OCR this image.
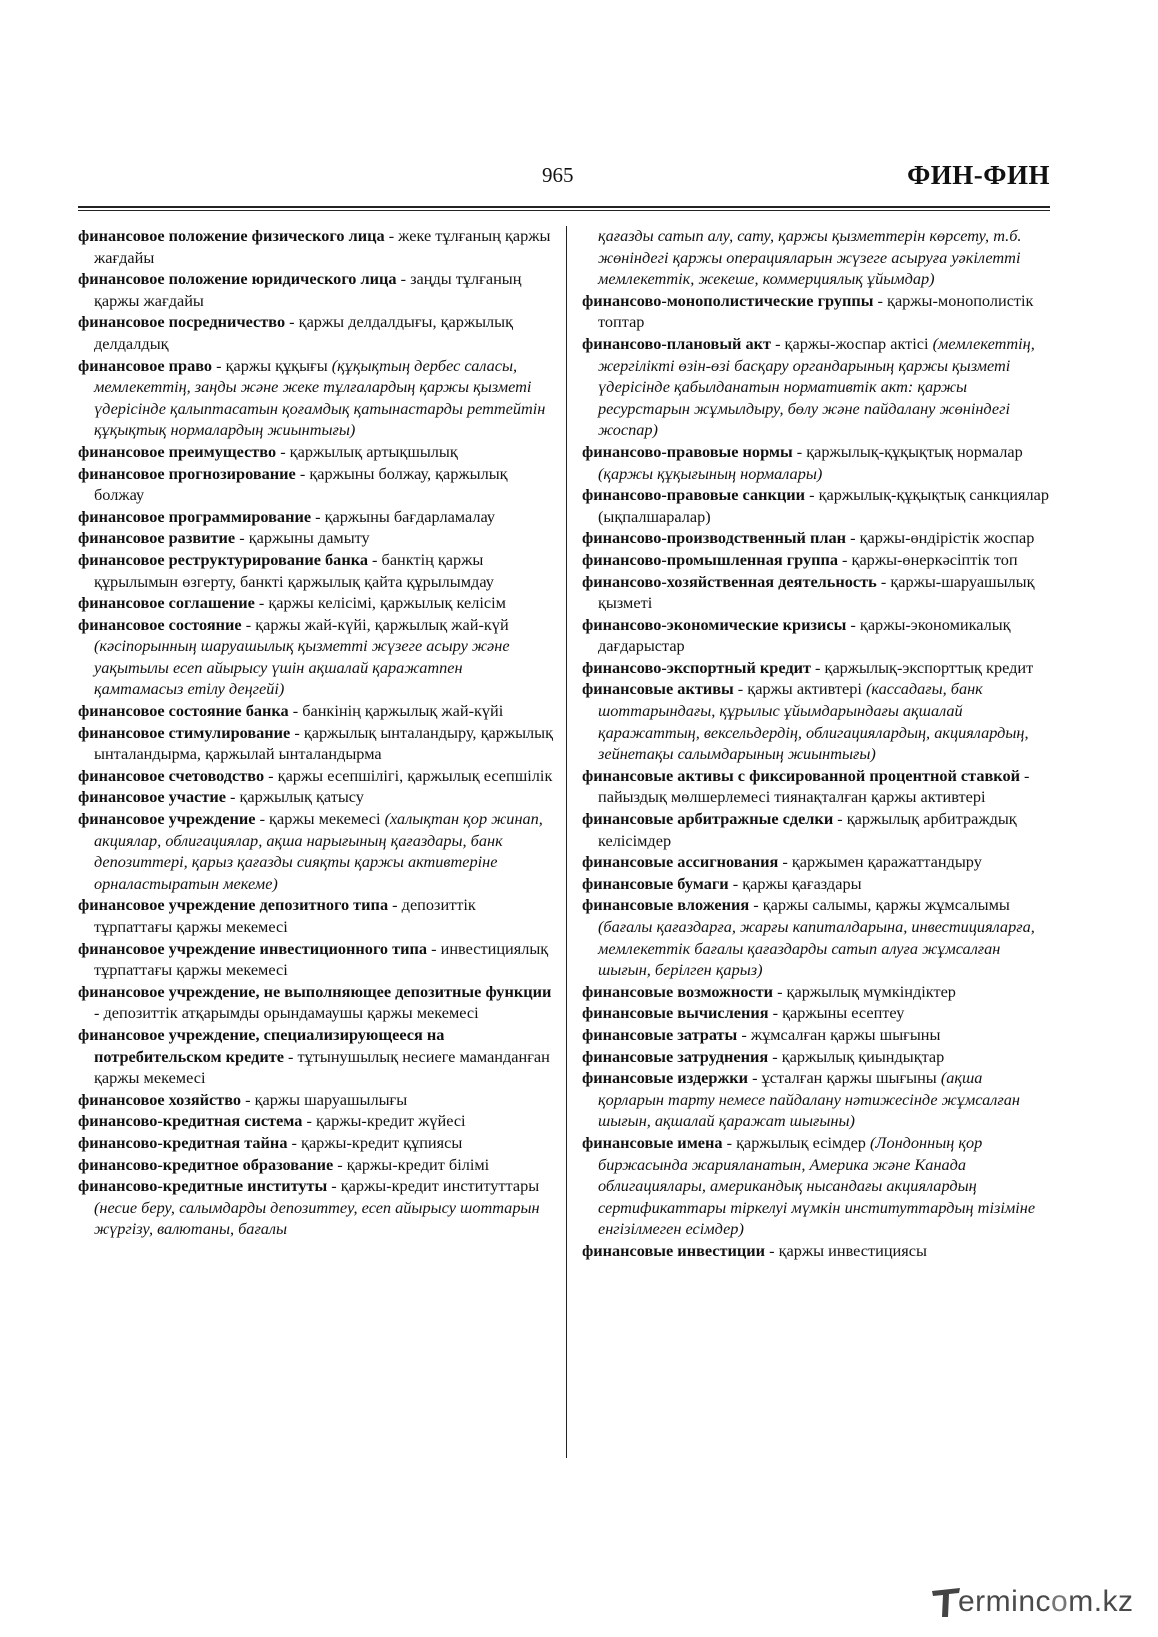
965	ФИН-ФИН

финансовое положение физического лица - жеке тұлғаның қаржы жағдайы

финансовое положение юридического лица - заңды тұлғаның қаржы жағдайы

финансовое посредничество - қаржы делдалдығы, қаржылық делдалдық

финансовое право - қаржы құқығы (құқықтың дербес саласы, мемлекеттің, заңды және жеке тұлғалардың қаржы қызметі үдерісінде қалыптасатын қоғамдық қатынастарды реттейтін құқықтық нормалардың жиынтығы)

финансовое преимущество - қаржылық артықшылық

финансовое прогнозирование - қаржыны болжау, қаржылық болжау

финансовое программирование - қаржыны бағдарламалау

финансовое развитие - қаржыны дамыту

финансовое реструктурирование банка - банктің қаржы құрылымын өзгерту, банкті қаржылық қайта құрылымдау

финансовое соглашение - қаржы келісімі, қаржылық келісім

финансовое состояние - қаржы жай-күйі, қаржылық жай-күй (кәсіпорынның шаруашылық қызметті жүзеге асыру және уақытылы есеп айырысу үшін ақшалай қаражатпен қамтамасыз етілу деңгейі)

финансовое состояние банка - банкінің қаржылық жай-күйі

финансовое стимулирование - қаржылық ынталандыру, қаржылық ынталандырма, қаржылай ынталандырма

финансовое счетоводство - қаржы есепшілігі, қаржылық есепшілік

финансовое участие - қаржылық қатысу

финансовое учреждение - қаржы мекемесі (халықтан қор жинап, акциялар, облигациялар, ақша нарығының қағаздары, банк депозиттері, қарыз қағазды сияқты қаржы активтеріне орналастыратын мекеме)

финансовое учреждение депозитного типа - депозиттік тұрпаттағы қаржы мекемесі

финансовое учреждение инвестиционного типа - инвестициялық тұрпаттағы қаржы мекемесі

финансовое учреждение, не выполняющее депозитные функции - депозиттік атқарымды орындамаушы қаржы мекемесі

финансовое учреждение, специализирующееся на потребительском кредите - тұтынушылық несиеге маманданған қаржы мекемесі

финансовое хозяйство - қаржы шаруашылығы

финансово-кредитная система - қаржы-кредит жүйесі

финансово-кредитная тайна - қаржы-кредит құпиясы

финансово-кредитное образование - қаржы-кредит білімі

финансово-кредитные институты - қаржы-кредит институттары (несие беру, салымдарды депозиттеу, есеп айырысу шоттарын жүргізу, валютаны, бағалы

қағазды сатып алу, сату, қаржы қызметтерін көрсету, т.б. жөніндегі қаржы операцияларын жүзеге асыруға уәкілетті мемлекеттік, жекеше, коммерциялық ұйымдар)

финансово-монополистические группы - қаржы-монополистік топтар

финансово-плановый акт - қаржы-жоспар актісі (мемлекеттің, жергілікті өзін-өзі басқару органдарының қаржы қызметі үдерісінде қабылданатын нормативтік акт: қаржы ресурстарын жұмылдыру, бөлу және пайдалану жөніндегі жоспар)

финансово-правовые нормы - қаржылық-құқықтық нормалар (қаржы құқығының нормалары)

финансово-правовые санкции - қаржылық-құқықтық санкциялар (ықпалшаралар)

финансово-производственный план - қаржы-өндірістік жоспар

финансово-промышленная группа - қаржы-өнеркәсіптік топ

финансово-хозяйственная деятельность - қаржы-шаруашылық қызметі

финансово-экономические кризисы - қаржы-экономикалық дағдарыстар

финансово-экспортный кредит - қаржылық-экспорттық кредит

финансовые активы - қаржы активтері (кассадағы, банк шоттарындағы, құрылыс ұйымдарындағы ақшалай қаражаттың, вексельдердің, облигациялардың, акциялардың, зейнетақы салымдарының жиынтығы)

финансовые активы с фиксированной процентной ставкой - пайыздық мөлшерлемесі тиянақталған қаржы активтері

финансовые арбитражные сделки - қаржылық арбитраждық келісімдер

финансовые ассигнования - қаржымен қаражаттандыру

финансовые бумаги - қаржы қағаздары

финансовые вложения - қаржы салымы, қаржы жұмсалымы (бағалы қағаздарға, жарғы капиталдарына, инвестицияларға, мемлекеттік бағалы қағаздарды сатып алуға жұмсалған шығын, берілген қарыз)

финансовые возможности - қаржылық мүмкіндіктер

финансовые вычисления - қаржыны есептеу

финансовые затраты - жұмсалған қаржы шығыны

финансовые затруднения - қаржылық қиындықтар

финансовые издержки - ұсталған қаржы шығыны (ақша қорларын тарту немесе пайдалану нәтижесінде жұмсалған шығын, ақшалай қаражат шығыны)

финансовые имена - қаржылық есімдер (Лондонның қор биржасында жарияланатын, Америка және Канада облигациялары, американдық нысандағы акциялардың сертификаттары тіркелуі мүмкін институттардың тізіміне енгізілмеген есімдер)

финансовые инвестиции - қаржы инвестициясы

ermincom.kz
